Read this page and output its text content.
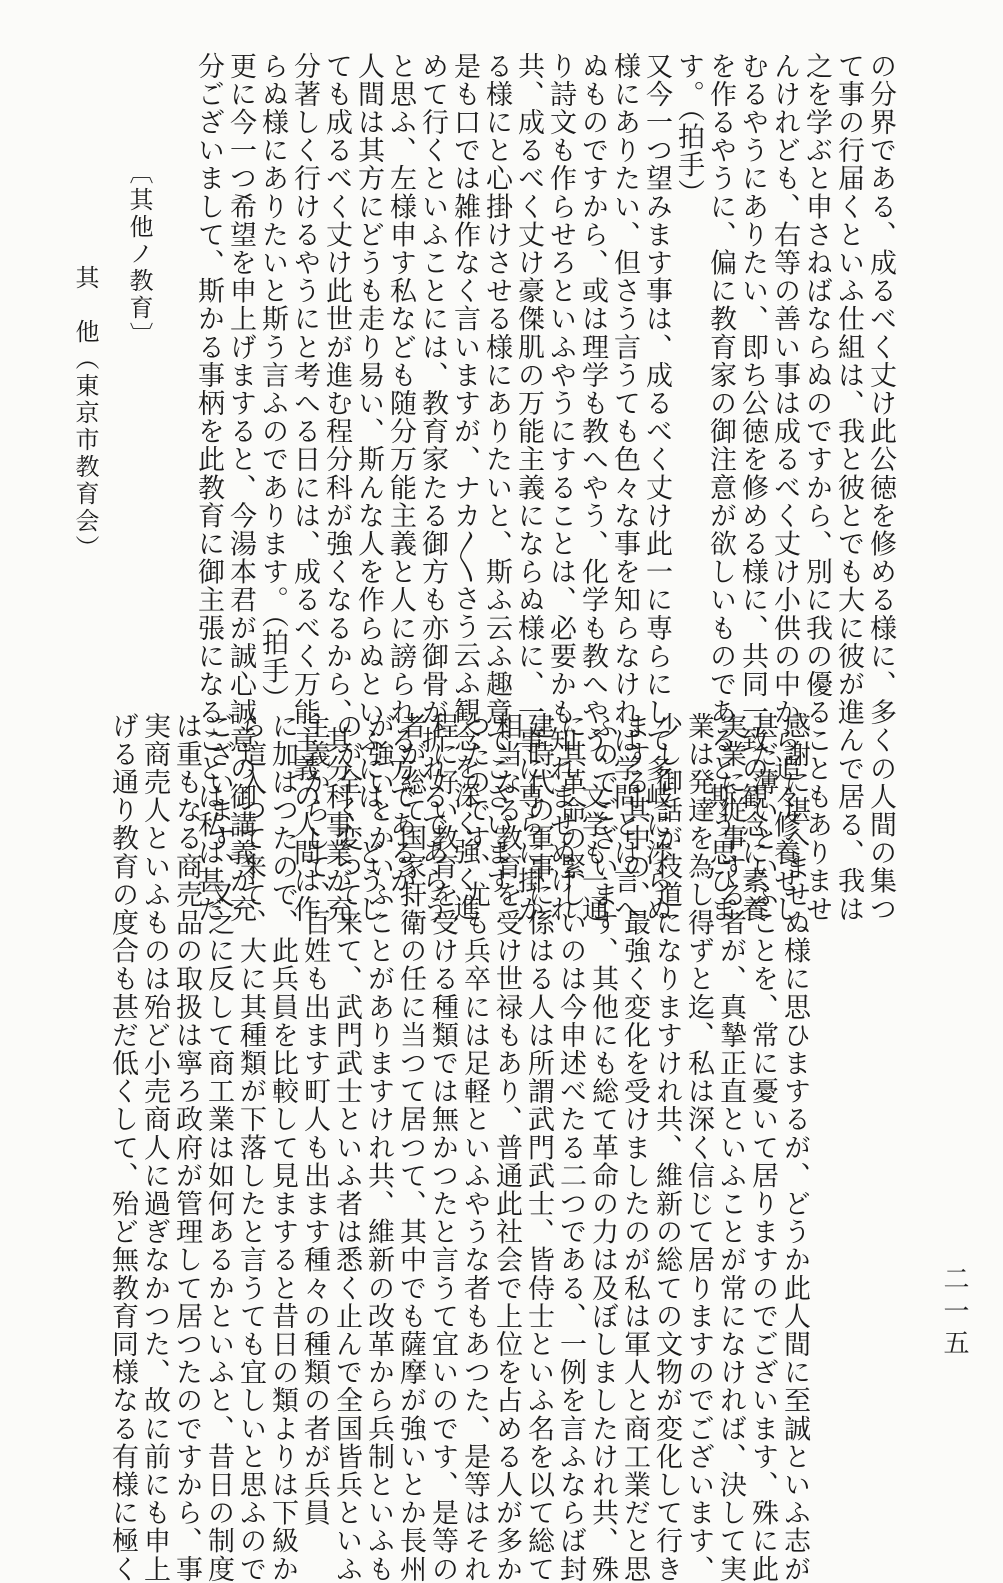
の分界である、成るべく丈け此公徳を修める様に、多くの人間の集つ
て事の行届くといふ仕組は、我と彼とでも大に彼が進んで居る、我は
之を学ぶと申さねばならぬのですから、別に我の優ることもありませ
んけれども、右等の善い事は成るべく丈け小供の中から追々修養せし
むるやうにありたい、即ち公徳を修める様に、共同一致の観念に素養
を作るやうに、偏に教育家の御注意が欲しいものであると斯う思ひま
す。（拍手）
又今一つ望みます事は、成るべく丈け此一に専らにして多岐に渉らぬ
様にありたい、但さう言うても色々な事を知らなければ学問とは言へ
ぬものですから、或は理学も教へやう、化学も教へやう、文学も一通
り詩文も作らせろといふやうにすることは、必要かも知れませぬけれ
共、成るべく丈け豪傑肌の万能主義にならぬ様に、一事に専らに掛か
る様にと心掛けさせる様にありたいと、斯ふ云ふ趣意でございます。
是も口では雑作なく言いますが、ナカ〳〵さう云ふ観念を深く強く進
めて行くといふことには、教育家たる御方も亦御骨が折れるであらう
と思ふ、左様申す私なども随分万能主義と人に謗られる方であるが、
人間は其方にどうも走り易い、斯んな人を作らぬといふには、どうし
ても成るべく丈け此世が進む程分科が強くなるから、其分科事業が充
分著しく行けるやうにと考へる日には、成るべく万能主義の人間は作
らぬ様にありたいと斯う言ふのであります。（拍手）
更に今一つ希望を申上げますると、今湯本君が誠心誠意の御講義が充
分ございまして、斯かる事柄を此教育に御主張になることは私は甚だ
感謝に堪へませぬ様に思ひまするが、どうか此人間に至誠といふ志が
甚だ薄いといふことを、常に憂いて居りますのでございます、殊に此
実業に従事する者が、真摯正直といふことが常になければ、決して実
業は発達を為し得ずと迄、私は深く信じて居りますのでございます、
少し御話が枝道になりますけれ共、維新の総ての文物が変化して行き
まする其中の、最強く変化を受けましたのが私は軍人と商工業だと思
ふのでございます、其他にも総て革命の力は及ぼしましたけれ共、殊
に其革命の緊しいのは今申述べたる二つである、一例を言ふならば封
建時代の軍事に係はる人は所謂武門武士、皆侍士といふ名を以て総て
相当なる教育を受け世禄もあり、普通此社会で上位を占める人が多か
つたのです、尤も兵卒には足軽といふやうな者もあつた、是等はそれ
程に好い教育を受ける種類では無かつたと言うて宜いのです、是等の
者が総て国家扞衛の任に当つて居つて、其中でも薩摩が強いとか長州
が強いとかいふことがありますけれ共、維新の改革から兵制といふも
のが全く変つて来て、武門武士といふ者は悉く止んで全国皆兵といふ
主義からして、百姓も出ます町人も出ます種々の種類の者が兵員
に加はつたので、此兵員を比較して見ますると昔日の類よりは下級か
ら這入つて来て、大に其種類が下落したと言うても宜しいと思ふので
ございます、又之に反して商工業は如何あるかといふと、昔日の制度
は重もなる商売品の取扱は寧ろ政府が管理して居つたのですから、事
実商売人といふものは殆ど小売商人に過ぎなかつた、故に前にも申上
げる通り教育の度合も甚だ低くして、殆ど無教育同様なる有様に極く
〔其他ノ教育〕
其　他（東京市教育会）
二一五
